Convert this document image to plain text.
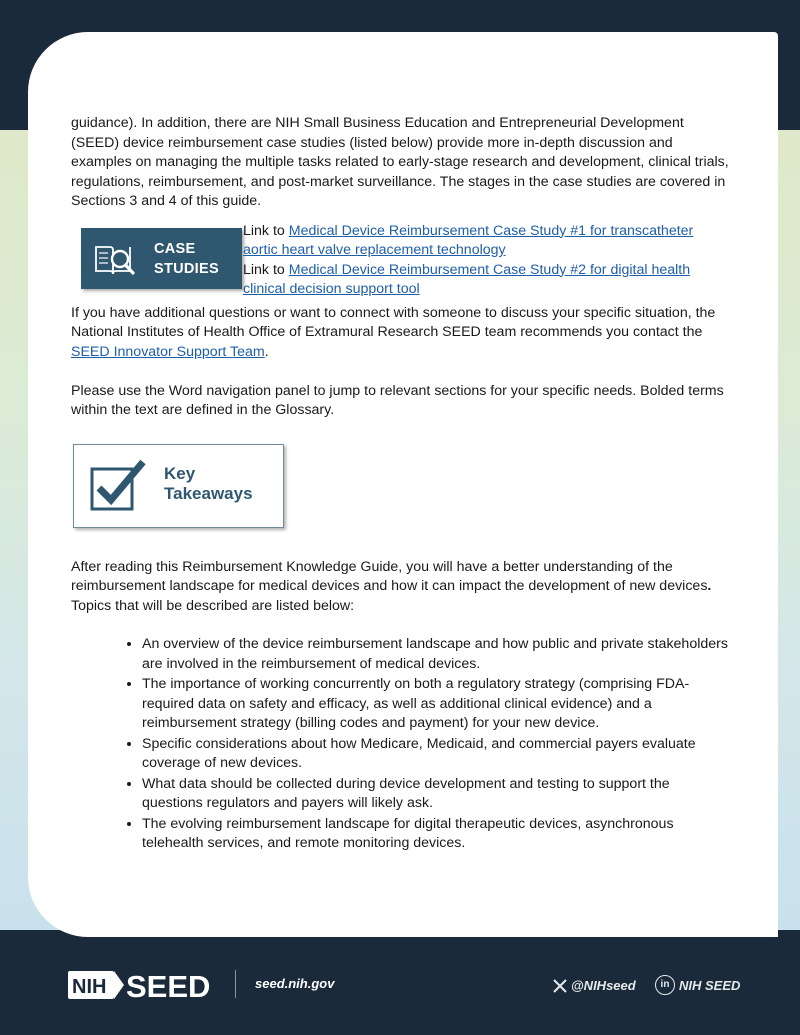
guidance). In addition, there are NIH Small Business Education and Entrepreneurial Development (SEED) device reimbursement case studies (listed below) provide more in-depth discussion and examples on managing the multiple tasks related to early-stage research and development, clinical trials, regulations, reimbursement, and post-market surveillance. The stages in the case studies are covered in Sections 3 and 4 of this guide.

CASE
STUDIES
Link to Medical Device Reimbursement Case Study #1 for transcatheter aortic heart valve replacement technology
Link to Medical Device Reimbursement Case Study #2 for digital health clinical decision support tool

If you have additional questions or want to connect with someone to discuss your specific situation, the National Institutes of Health Office of Extramural Research SEED team recommends you contact the SEED Innovator Support Team.

Please use the Word navigation panel to jump to relevant sections for your specific needs. Bolded terms within the text are defined in the Glossary.

Key
Takeaways

After reading this Reimbursement Knowledge Guide, you will have a better understanding of the reimbursement landscape for medical devices and how it can impact the development of new devices. Topics that will be described are listed below:

• An overview of the device reimbursement landscape and how public and private stakeholders are involved in the reimbursement of medical devices.
• The importance of working concurrently on both a regulatory strategy (comprising FDA-required data on safety and efficacy, as well as additional clinical evidence) and a reimbursement strategy (billing codes and payment) for your new device.
• Specific considerations about how Medicare, Medicaid, and commercial payers evaluate coverage of new devices.
• What data should be collected during device development and testing to support the questions regulators and payers will likely ask.
• The evolving reimbursement landscape for digital therapeutic devices, asynchronous telehealth services, and remote monitoring devices.
NIH SEED	seed.nih.gov	@NIHseed	in NIH SEED
